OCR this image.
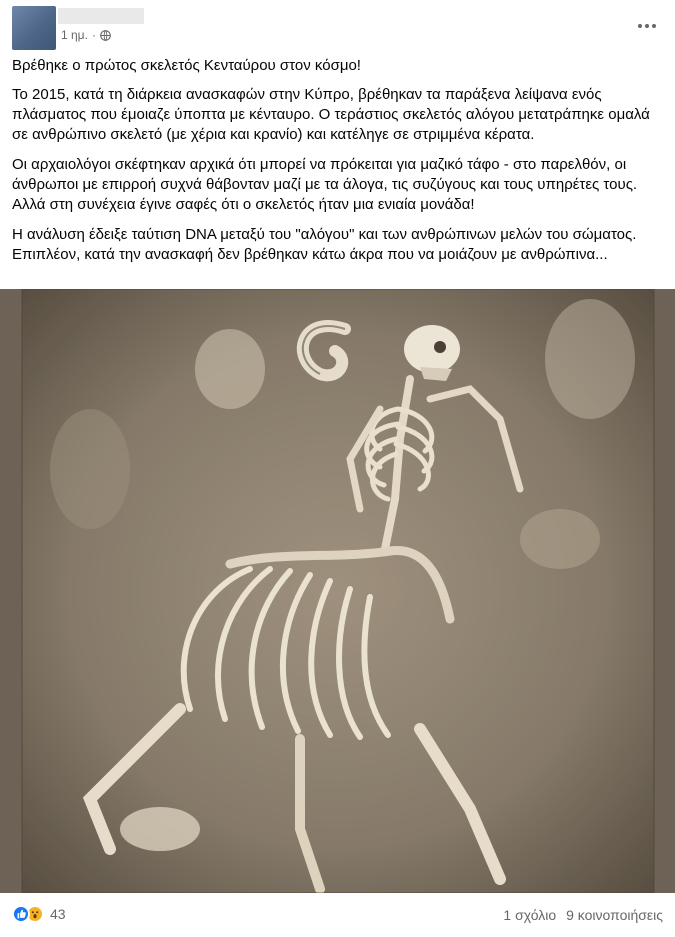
1 ημ. ·

Βρέθηκε ο πρώτος σκελετός Κενταύρου στον κόσμο!

Το 2015, κατά τη διάρκεια ανασκαφών στην Κύπρο, βρέθηκαν τα παράξενα λείψανα ενός πλάσματος που έμοιαζε ύποπτα με κένταυρο. Ο τεράστιος σκελετός αλόγου μετατράπηκε ομαλά σε ανθρώπινο σκελετό (με χέρια και κρανίο) και κατέληγε σε στριμμένα κέρατα.

Οι αρχαιολόγοι σκέφτηκαν αρχικά ότι μπορεί να πρόκειται για μαζικό τάφο - στο παρελθόν, οι άνθρωποι με επιρροή συχνά θάβονταν μαζί με τα άλογα, τις συζύγους και τους υπηρέτες τους. Αλλά στη συνέχεια έγινε σαφές ότι ο σκελετός ήταν μια ενιαία μονάδα!

Η ανάλυση έδειξε ταύτιση DNA μεταξύ του "αλόγου" και των ανθρώπινων μελών του σώματος. Επιπλέον, κατά την ανασκαφή δεν βρέθηκαν κάτω άκρα που να μοιάζουν με ανθρώπινα...

43	1 σχόλιο 9 κοινοποιήσεις
